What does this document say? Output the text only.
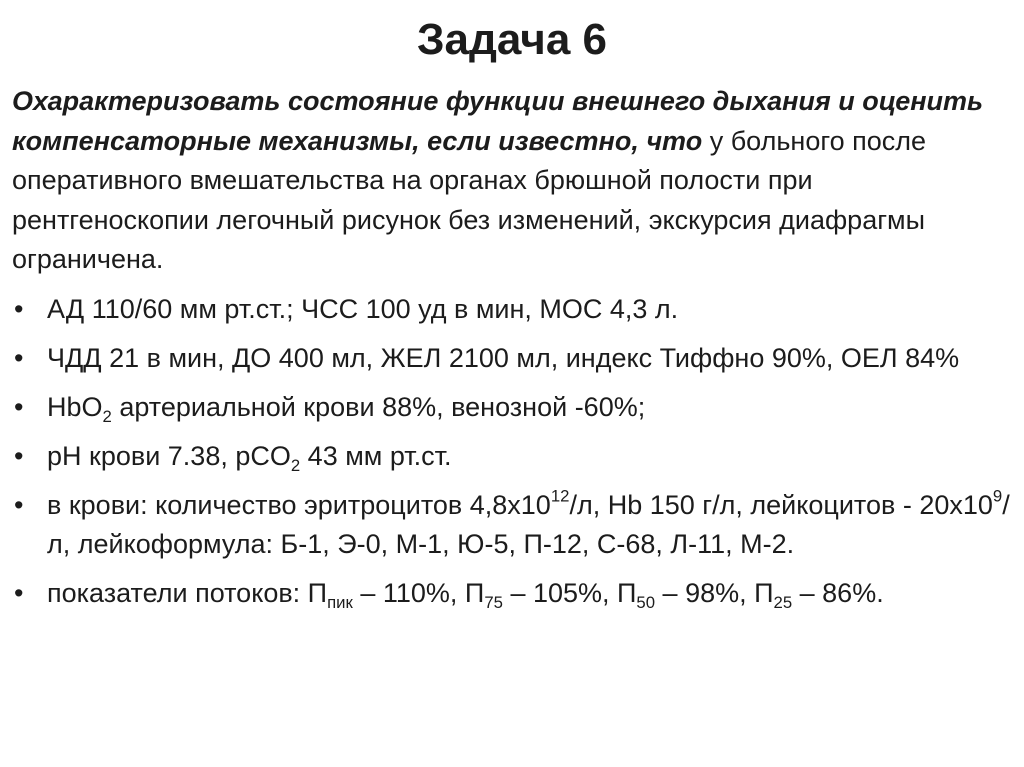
Задача 6

Охарактеризовать состояние функции внешнего дыхания и оценить компенсаторные механизмы, если известно, что у больного после оперативного вмешательства на органах брюшной полости при рентгеноскопии легочный рисунок без изменений, экскурсия диафрагмы ограничена.

• АД 110/60 мм рт.ст.; ЧСС 100 уд в мин, МОС 4,3 л.
• ЧДД 21 в мин, ДО 400 мл, ЖЕЛ 2100 мл, индекс Тиффно 90%, ОЕЛ 84%
• HbO$_2$ артериальной крови 88%, венозной -60%;
• pH крови 7.38, pCO$_2$ 43 мм рт.ст.
• в крови: количество эритроцитов $4,8х10^{12}/л$, Hb 150 г/л, лейкоцитов - $20х10^9/л$, лейкоформула: Б-1, Э-0, М-1, Ю-5, П-12, С-68, Л-11, М-2.
• показатели потоков: $П_{пик} - 110\%$, $П_{75} - 105\%$, $П_{50} - 98\%$, $П_{25} - 86\%$.
